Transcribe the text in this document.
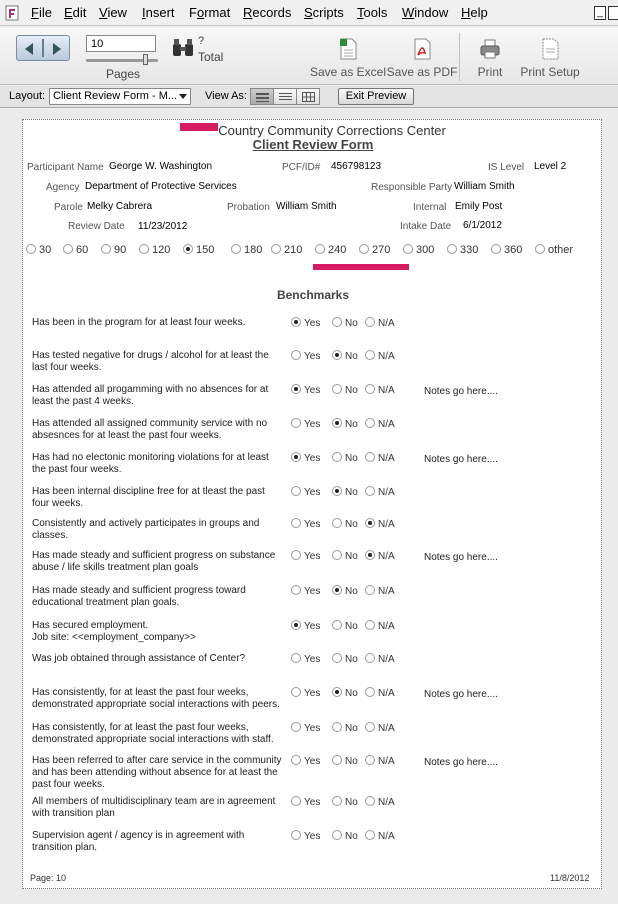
File Edit View Insert Format Records Scripts Tools Window Help	_
10
Pages
?
Total
Save as Excel Save as PDF	Print	Print Setup
Layout: Client Review Form - M...	View As:	Exit Preview
Country Community Corrections Center
Client Review Form
Participant Name George W. Washington	PCF/ID# 456798123	IS Level Level 2
Agency Department of Protective Services	Responsible Party William Smith
Parole Melky Cabrera	Probation William Smith	Internal Emily Post
Review Date 11/23/2012	Intake Date 6/1/2012
30	60	90	120	150	180	210	240	270	300	330	360	other
Benchmarks
Has been in the program for at least four weeks.	Yes	No	N/A
Has tested negative for drugs / alcohol for at least the last four weeks.
Yes	No	N/A
Has attended all progamming with no absences for at least the past 4 weeks.
Yes	No	N/A	Notes go here....
Has attended all assigned community service with no absesnces for at least the past four weeks.
Yes	No	N/A
Has had no electonic monitoring violations for at least the past four weeks.
Yes	No	N/A	Notes go here....
Has been internal discipline free for at tleast the past four weeks.
Yes	No	N/A
Consistently and actively participates in groups and classes.
Yes	No	N/A
Has made steady and sufficient progress on substance abuse / life skills treatment plan goals
Yes	No	N/A	Notes go here....
Has made steady and sufficient progress toward educational treatment plan goals.
Yes	No	N/A
Has secured employment.
Job site: <<employment_company>>
Yes	No	N/A
Was job obtained through assistance of Center?	Yes	No	N/A
Has consistently, for at least the past four weeks, demonstrated appropriate social interactions with peers.
Yes	No	N/A	Notes go here....
Has consistently, for at least the past four weeks, demonstrated appropriate social interactions with staff.
Yes	No	N/A
Has been referred to after care service in the community and has been attending without absence for at least the past four weeks.
Yes	No	N/A	Notes go here....
All members of multidisciplinary team are in agreement with transition plan
Yes	No	N/A
Supervision agent / agency is in agreement with transition plan.
Yes	No	N/A
Page: 10	11/8/2012
